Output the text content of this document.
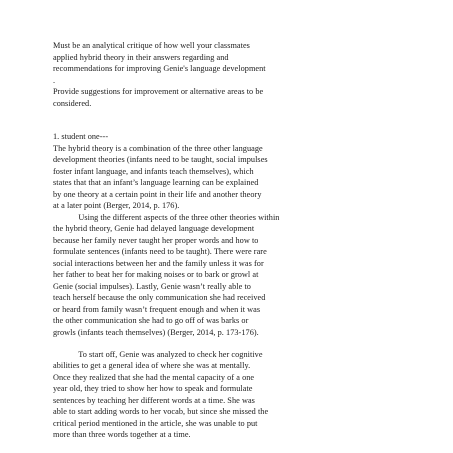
Must be an analytical critique of how well your classmates
applied hybrid theory in their answers regarding and
recommendations for improving Genie's language development
.
Provide suggestions for improvement or alternative areas to be
considered.
1. student one---
The hybrid theory is a combination of the three other language
development theories (infants need to be taught, social impulses
foster infant language, and infants teach themselves), which
states that that an infant’s language learning can be explained
by one theory at a certain point in their life and another theory
at a later point (Berger, 2014, p. 176).
Using the different aspects of the three other theories within
the hybrid theory, Genie had delayed language development
because her family never taught her proper words and how to
formulate sentences (infants need to be taught). There were rare
social interactions between her and the family unless it was for
her father to beat her for making noises or to bark or growl at
Genie (social impulses). Lastly, Genie wasn’t really able to
teach herself because the only communication she had received
or heard from family wasn’t frequent enough and when it was
the other communication she had to go off of was barks or
growls (infants teach themselves) (Berger, 2014, p. 173-176).
To start off, Genie was analyzed to check her cognitive
abilities to get a general idea of where she was at mentally.
Once they realized that she had the mental capacity of a one
year old, they tried to show her how to speak and formulate
sentences by teaching her different words at a time. She was
able to start adding words to her vocab, but since she missed the
critical period mentioned in the article, she was unable to put
more than three words together at a time.
